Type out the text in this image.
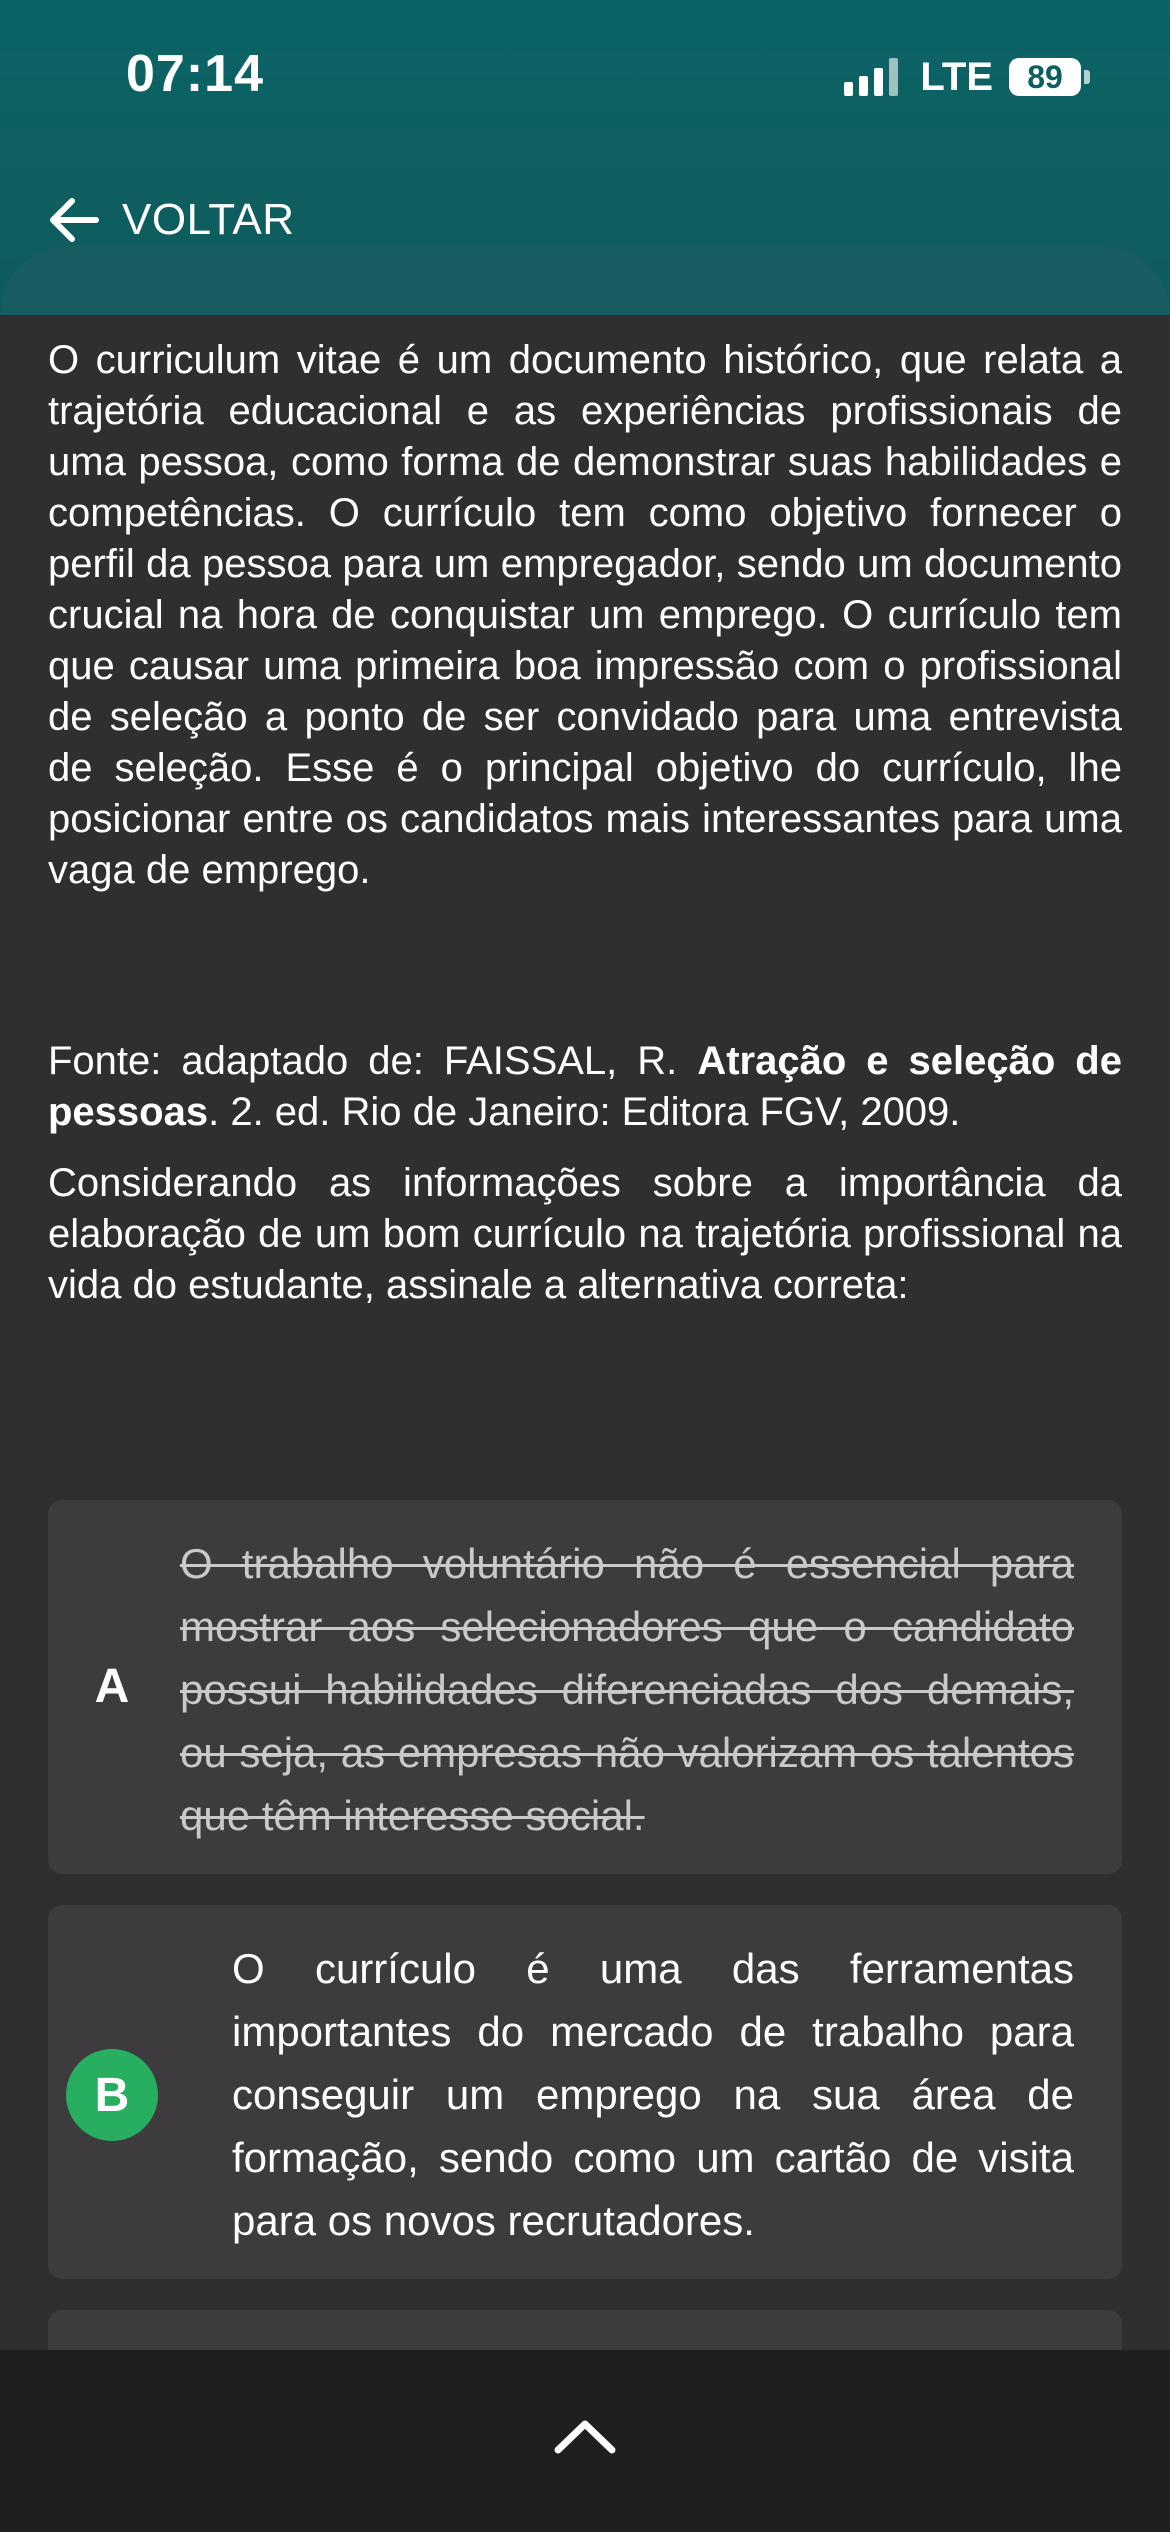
07:14	LTE	89
VOLTAR

O curriculum vitae é um documento histórico, que relata a trajetória educacional e as experiências profissionais de uma pessoa, como forma de demonstrar suas habilidades e competências. O currículo tem como objetivo fornecer o perfil da pessoa para um empregador, sendo um documento crucial na hora de conquistar um emprego. O currículo tem que causar uma primeira boa impressão com o profissional de seleção a ponto de ser convidado para uma entrevista de seleção. Esse é o principal objetivo do currículo, lhe posicionar entre os candidatos mais interessantes para uma vaga de emprego.

Fonte: adaptado de: FAISSAL, R. Atração e seleção de pessoas. 2. ed. Rio de Janeiro: Editora FGV, 2009.

Considerando as informações sobre a importância da elaboração de um bom currículo na trajetória profissional na vida do estudante, assinale a alternativa correta:

A
O trabalho voluntário não é essencial para mostrar aos selecionadores que o candidato possui habilidades diferenciadas dos demais, ou seja, as empresas não valorizam os talentos que têm interesse social.
B
O currículo é uma das ferramentas importantes do mercado de trabalho para conseguir um emprego na sua área de formação, sendo como um cartão de visita para os novos recrutadores.
